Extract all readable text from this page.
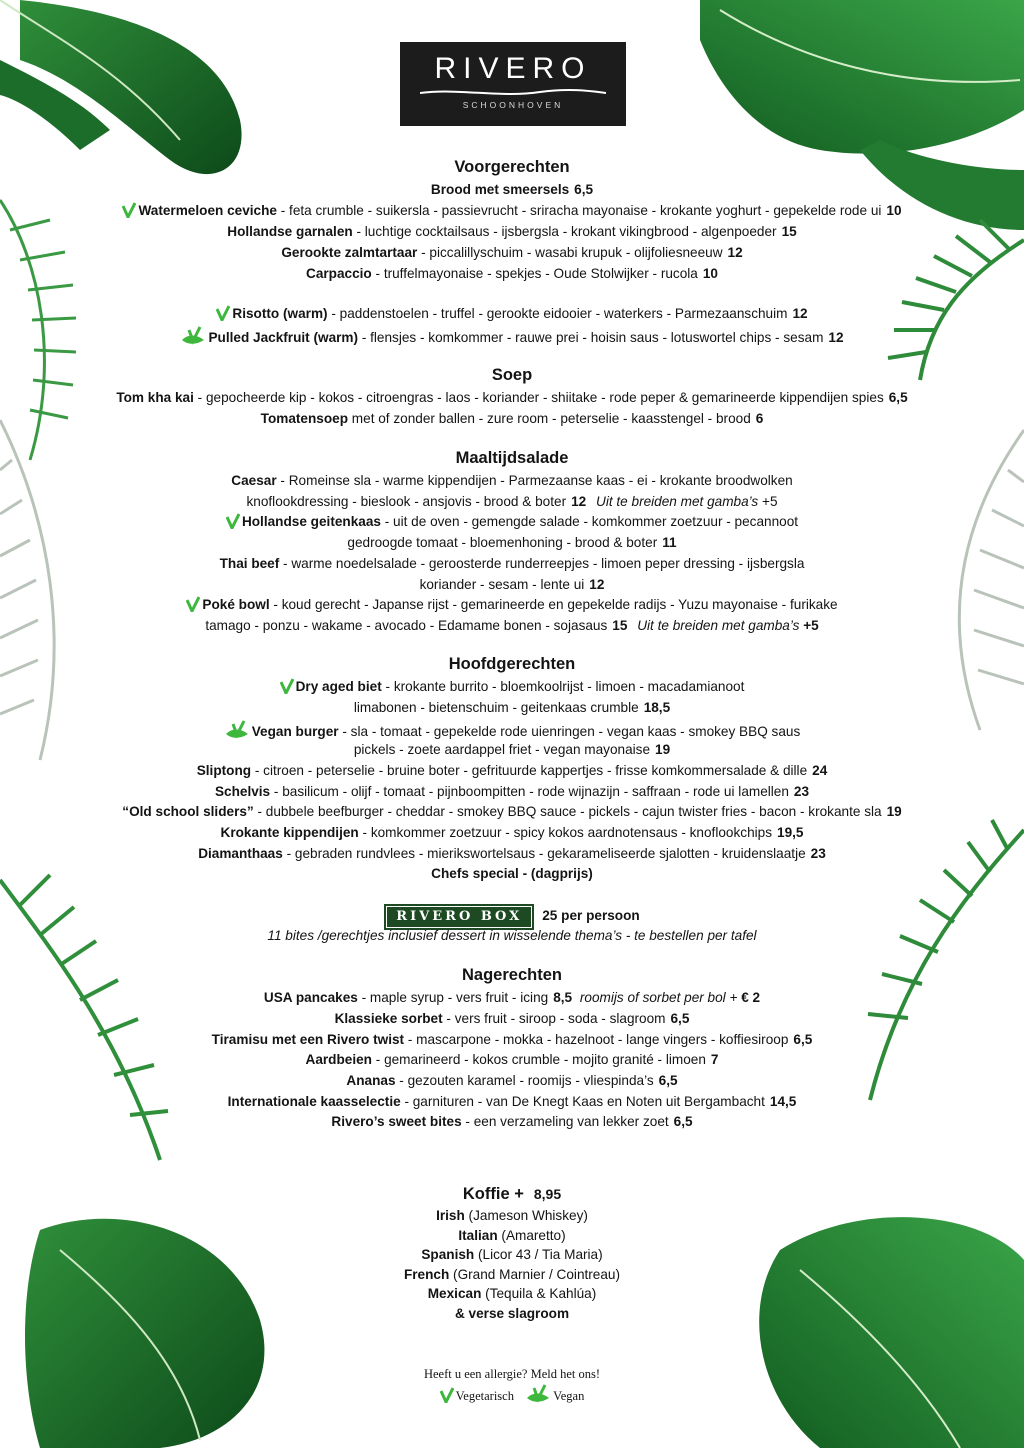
RIVERO
SCHOONHOVEN
Voorgerechten
Brood met smeersels 6,5
Watermeloen ceviche - feta crumble - suikersla - passievrucht - sriracha mayonaise - krokante yoghurt - gepekelde rode ui 10
Hollandse garnalen - luchtige cocktailsaus - ijsbergsla - krokant vikingbrood - algenpoeder 15
Gerookte zalmtartaar - piccalillyschuim - wasabi krupuk - olijfoliesneeuw 12
Carpaccio - truffelmayonaise - spekjes - Oude Stolwijker - rucola 10
Risotto (warm) - paddenstoelen - truffel - gerookte eidooier - waterkers - Parmezaanschuim 12
Pulled Jackfruit (warm) - flensjes - komkommer - rauwe prei - hoisin saus - lotuswortel chips - sesam 12
Soep
Tom kha kai - gepocheerde kip - kokos - citroengras - laos - koriander - shiitake - rode peper & gemarineerde kippendijen spies 6,5
Tomatensoep met of zonder ballen - zure room - peterselie - kaasstengel - brood 6
Maaltijdsalade
Caesar - Romeinse sla - warme kippendijen - Parmezaanse kaas - ei - krokante broodwolken
knoflookdressing - bieslook - ansjovis - brood & boter 12 Uit te breiden met gamba’s +5
Hollandse geitenkaas - uit de oven - gemengde salade - komkommer zoetzuur - pecannoot
gedroogde tomaat - bloemenhoning - brood & boter 11
Thai beef - warme noedelsalade - geroosterde runderreepjes - limoen peper dressing - ijsbergsla
koriander - sesam - lente ui 12
Poké bowl - koud gerecht - Japanse rijst - gemarineerde en gepekelde radijs - Yuzu mayonaise - furikake
tamago - ponzu - wakame - avocado - Edamame bonen - sojasaus 15 Uit te breiden met gamba’s +5
Hoofdgerechten
Dry aged biet - krokante burrito - bloemkoolrijst - limoen - macadamianoot
limabonen - bietenschuim - geitenkaas crumble 18,5
Vegan burger - sla - tomaat - gepekelde rode uienringen - vegan kaas - smokey BBQ saus
pickels - zoete aardappel friet - vegan mayonaise 19
Sliptong - citroen - peterselie - bruine boter - gefrituurde kappertjes - frisse komkommersalade & dille 24
Schelvis - basilicum - olijf - tomaat - pijnboompitten - rode wijnazijn - saffraan - rode ui lamellen 23
“Old school sliders” - dubbele beefburger - cheddar - smokey BBQ sauce - pickels - cajun twister fries - bacon - krokante sla 19
Krokante kippendijen - komkommer zoetzuur - spicy kokos aardnotensaus - knoflookchips 19,5
Diamanthaas - gebraden rundvlees - mierikswortelsaus - gekarameliseerde sjalotten - kruidenslaatje 23
Chefs special - (dagprijs)
RIVERO BOX 25 per persoon
11 bites /gerechtjes inclusief dessert in wisselende thema’s - te bestellen per tafel
Nagerechten
USA pancakes - maple syrup - vers fruit - icing 8,5 roomijs of sorbet per bol + € 2
Klassieke sorbet - vers fruit - siroop - soda - slagroom 6,5
Tiramisu met een Rivero twist - mascarpone - mokka - hazelnoot - lange vingers - koffiesiroop 6,5
Aardbeien - gemarineerd - kokos crumble - mojito granité - limoen 7
Ananas - gezouten karamel - roomijs - vliespinda’s 6,5
Internationale kaasselectie - garnituren - van De Knegt Kaas en Noten uit Bergambacht 14,5
Rivero’s sweet bites - een verzameling van lekker zoet 6,5
Koffie + 8,95
Irish (Jameson Whiskey)
Italian (Amaretto)
Spanish (Licor 43 / Tia Maria)
French (Grand Marnier / Cointreau)
Mexican (Tequila & Kahlúa)
& verse slagroom
Heeft u een allergie? Meld het ons!
Vegetarisch	Vegan
